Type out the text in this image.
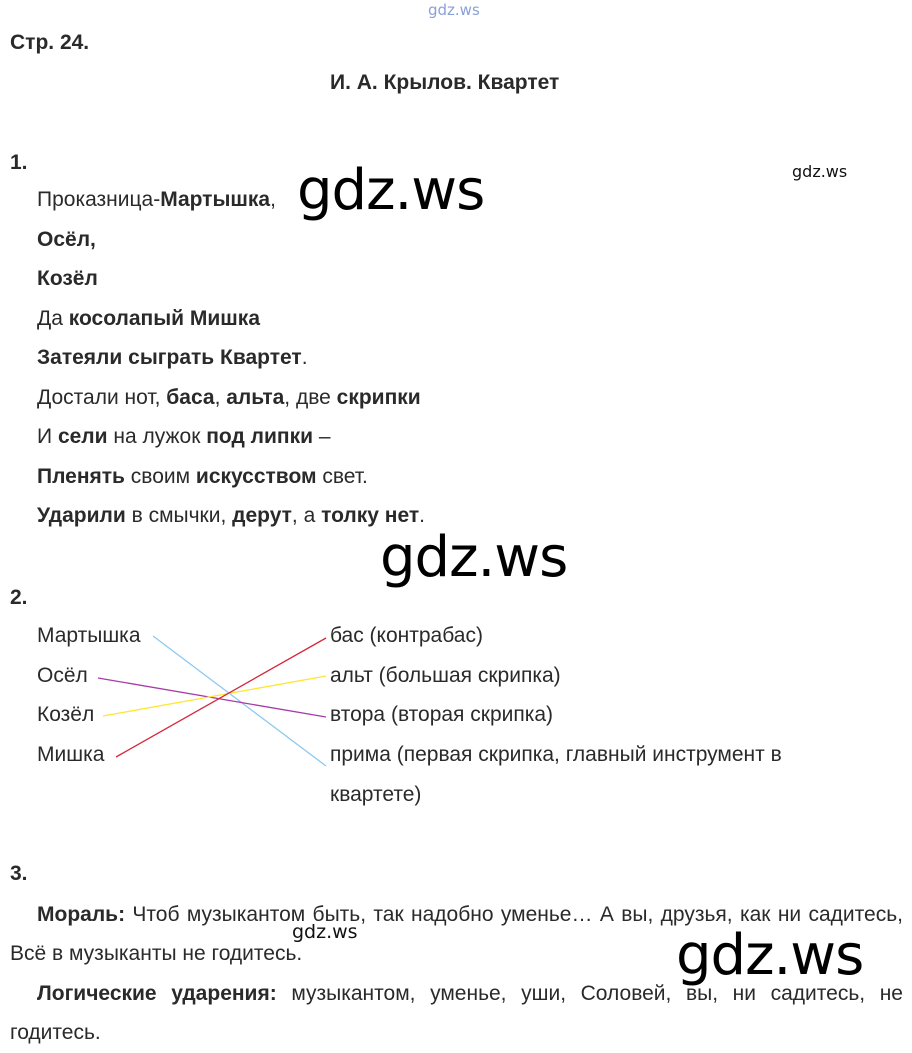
gdz.ws
gdz.ws
Стр. 24.
И. А. Крылов. Квартет
1.
Проказница-Мартышка,
Осёл,
Козёл
Да косолапый Мишка
Затеяли сыграть Квартет.
Достали нот, баса, альта, две скрипки
И сели на лужок под липки –
Пленять своим искусством свет.
Ударили в смычки, дерут, а толку нет.
gdz.ws
gdz.ws
2.
Мартышка
Осёл
Козёл
Мишка
бас (контрабас)
альт (большая скрипка)
втора (вторая скрипка)
прима (первая скрипка, главный инструмент в
квартете)
3.
Мораль: Чтоб музыкантом быть, так надобно уменье… А вы, друзья, как ни садитесь, Всё в музыканты не годитесь.
gdz.ws	gdz.ws
Логические ударения: музыкантом, уменье, уши, Соловей, вы, ни садитесь, не годитесь.
